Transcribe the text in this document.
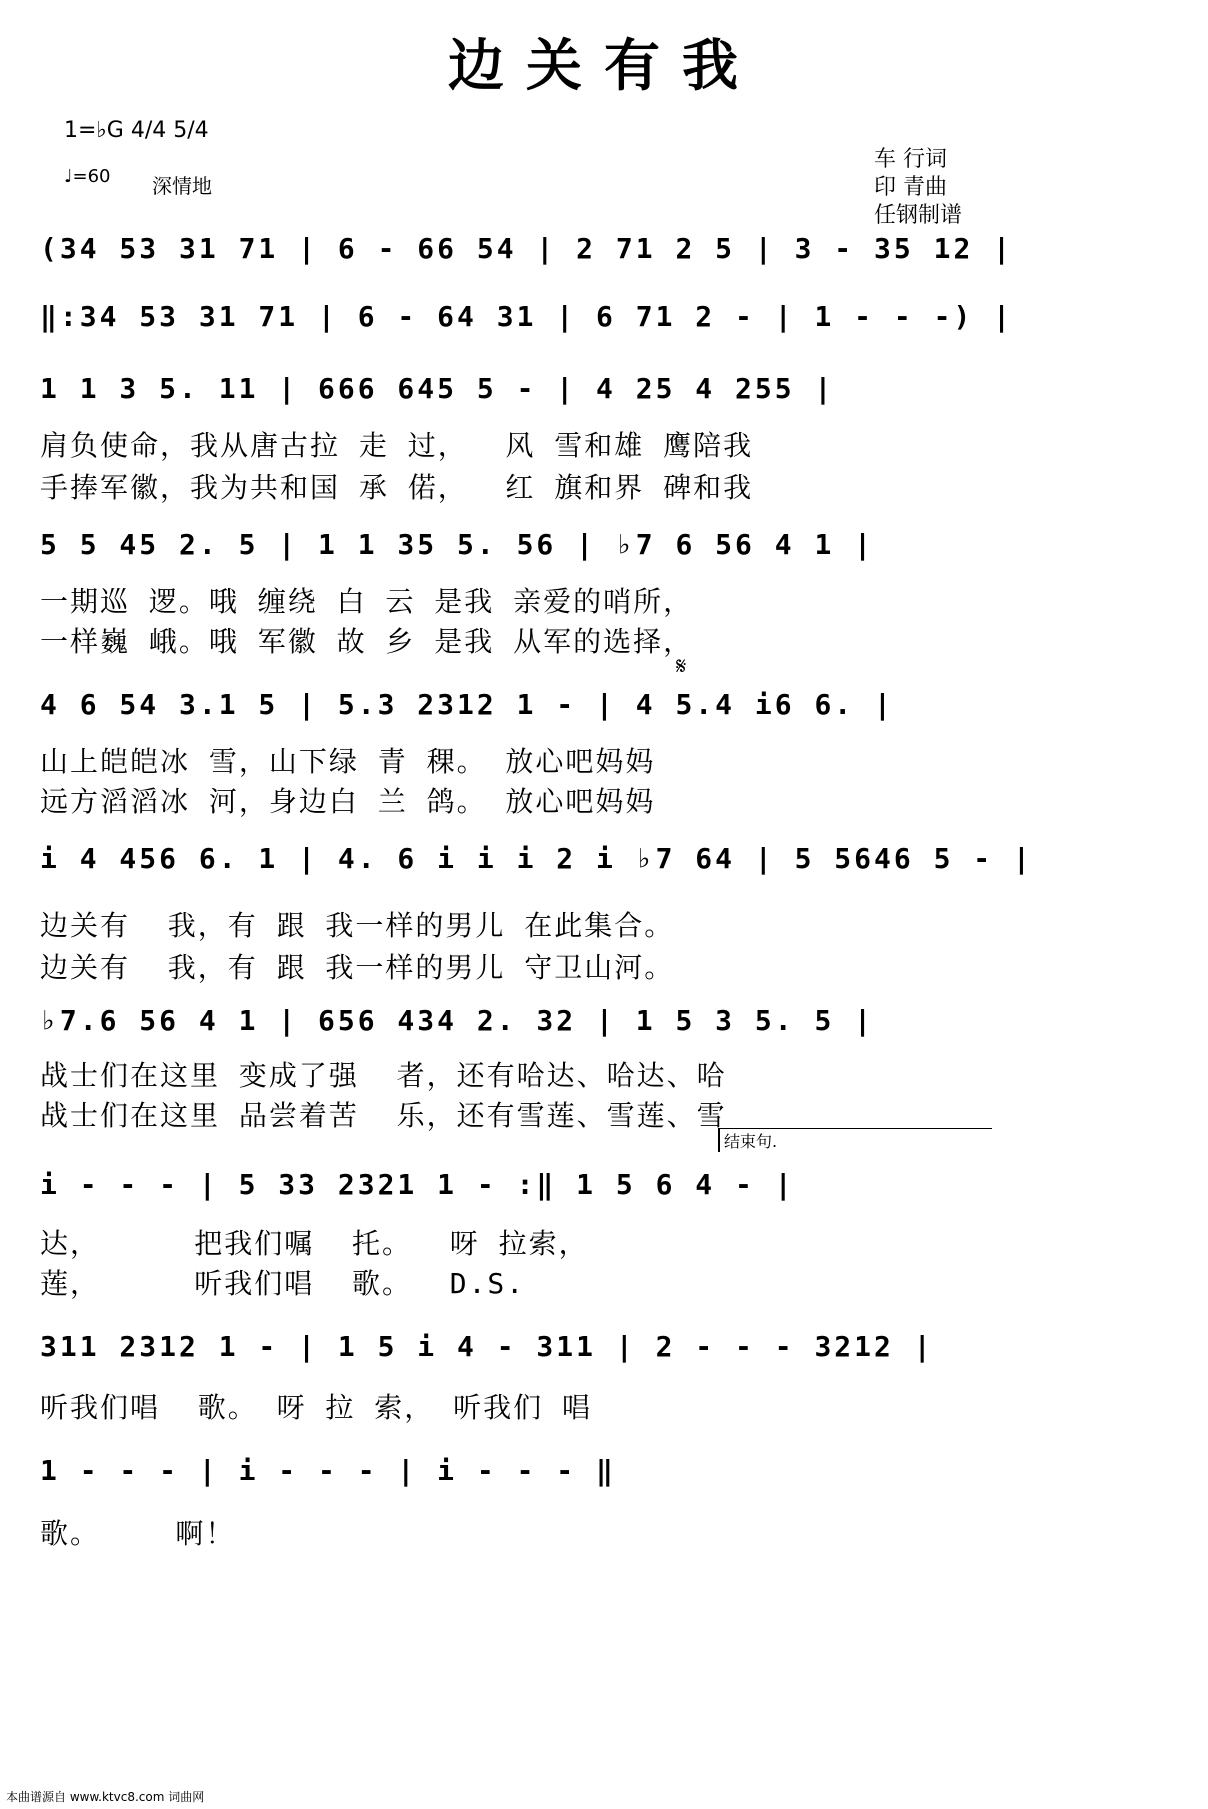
边关有我
1=♭G 4/4 5/4
♩=60 深情地
车 行词
印 青曲
任钢制谱
(34 53 31 71 | 6 - 66 54 | 2 71 2 5 | 3 - 35 12 |
‖:34 53 31 71 | 6 - 64 31 | 6 71 2 - | 1 - - -) |
1 1 3 5. 11 | 666 645 5 - | 4 25 4 255 |
肩负使命，我从唐古拉 走 过，  风 雪和雄 鹰陪我
手捧军徽，我为共和国 承 偌，  红 旗和界 碑和我
5 5 45 2. 5 | 1 1 35 5. 56 | ♭7 6 56 4 1 |
一期巡 逻。哦 缠绕 白 云 是我 亲爱的哨所，
一样巍 峨。哦 军徽 故 乡 是我 从军的选择，
𝄋
4 6 54 3.1 5 | 5.3 2312 1 - | 4 5.4 i6 6. |
山上皑皑冰 雪，山下绿 青 稞。 放心吧妈妈
远方滔滔冰 河，身边白 兰 鸽。 放心吧妈妈
i 4 456 6. 1 | 4. 6 i i i 2 i ♭7 64 | 5 5646 5 - |
边关有  我，有 跟 我一样的男儿 在此集合。
边关有  我，有 跟 我一样的男儿 守卫山河。
♭7.6 56 4 1 | 656 434 2. 32 | 1 5 3 5. 5 |
战士们在这里 变成了强  者，还有哈达、哈达、哈
战士们在这里 品尝着苦  乐，还有雪莲、雪莲、雪
结束句.
i - - - | 5 33 2321 1 - :‖ 1 5 6 4 - |
达，     把我们嘱  托。  呀 拉索，
莲，     听我们唱  歌。  D.S.
311 2312 1 - | 1 5 i 4 - 311 | 2 - - - 3212 |
听我们唱  歌。 呀 拉 索， 听我们 唱
1 - - - | i - - - | i - - - ‖
歌。    啊！
本曲谱源自 www.ktvc8.com 词曲网
